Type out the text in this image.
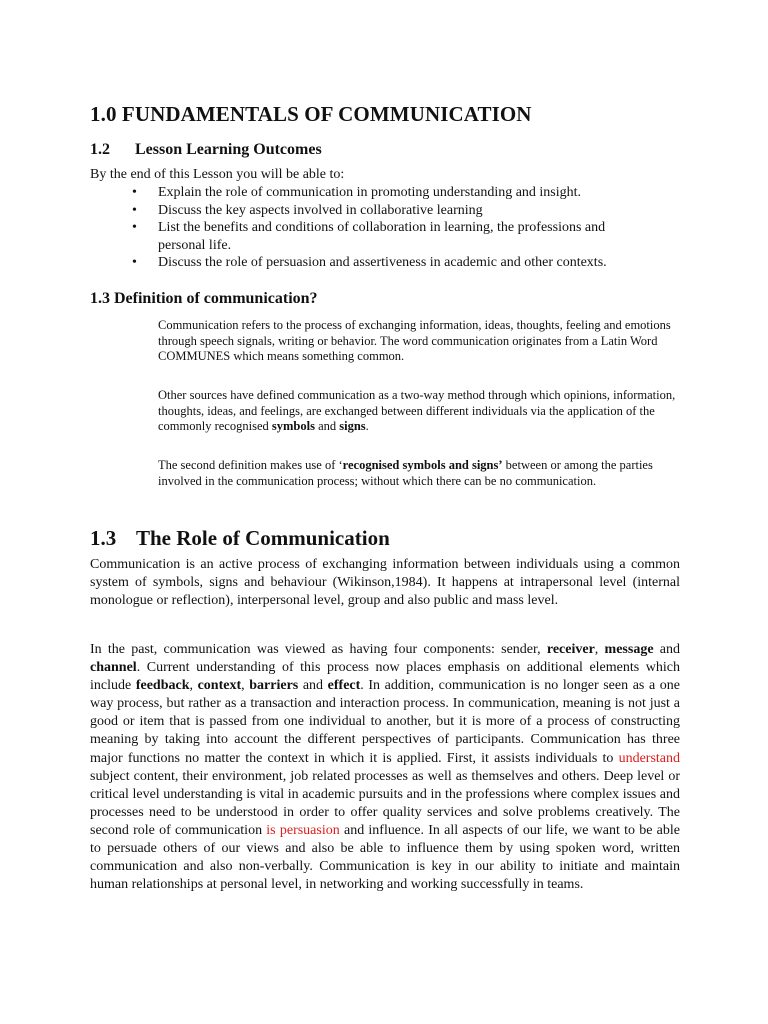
1.0 FUNDAMENTALS OF COMMUNICATION
1.2 Lesson Learning Outcomes

By the end of this Lesson you will be able to:

• Explain the role of communication in promoting understanding and insight.
• Discuss the key aspects involved in collaborative learning
• List the benefits and conditions of collaboration in learning, the professions and personal life.
• Discuss the role of persuasion and assertiveness in academic and other contexts.
1.3 Definition of communication?

Communication refers to the process of exchanging information, ideas, thoughts, feeling and emotions through speech signals, writing or behavior. The word communication originates from a Latin Word COMMUNES which means something common.

Other sources have defined communication as a two-way method through which opinions, information, thoughts, ideas, and feelings, are exchanged between different individuals via the application of the commonly recognised symbols and signs.

The second definition makes use of ‘recognised symbols and signs’ between or among the parties involved in the communication process; without which there can be no communication.

1.3 The Role of Communication

Communication is an active process of exchanging information between individuals using a common system of symbols, signs and behaviour (Wikinson,1984). It happens at intrapersonal level (internal monologue or reflection), interpersonal level, group and also public and mass level.

In the past, communication was viewed as having four components: sender, receiver, message and channel. Current understanding of this process now places emphasis on additional elements which include feedback, context, barriers and effect. In addition, communication is no longer seen as a one way process, but rather as a transaction and interaction process. In communication, meaning is not just a good or item that is passed from one individual to another, but it is more of a process of constructing meaning by taking into account the different perspectives of participants. Communication has three major functions no matter the context in which it is applied. First, it assists individuals to understand subject content, their environment, job related processes as well as themselves and others. Deep level or critical level understanding is vital in academic pursuits and in the professions where complex issues and processes need to be understood in order to offer quality services and solve problems creatively. The second role of communication is persuasion and influence. In all aspects of our life, we want to be able to persuade others of our views and also be able to influence them by using spoken word, written communication and also non-verbally. Communication is key in our ability to initiate and maintain human relationships at personal level, in networking and working successfully in teams.
